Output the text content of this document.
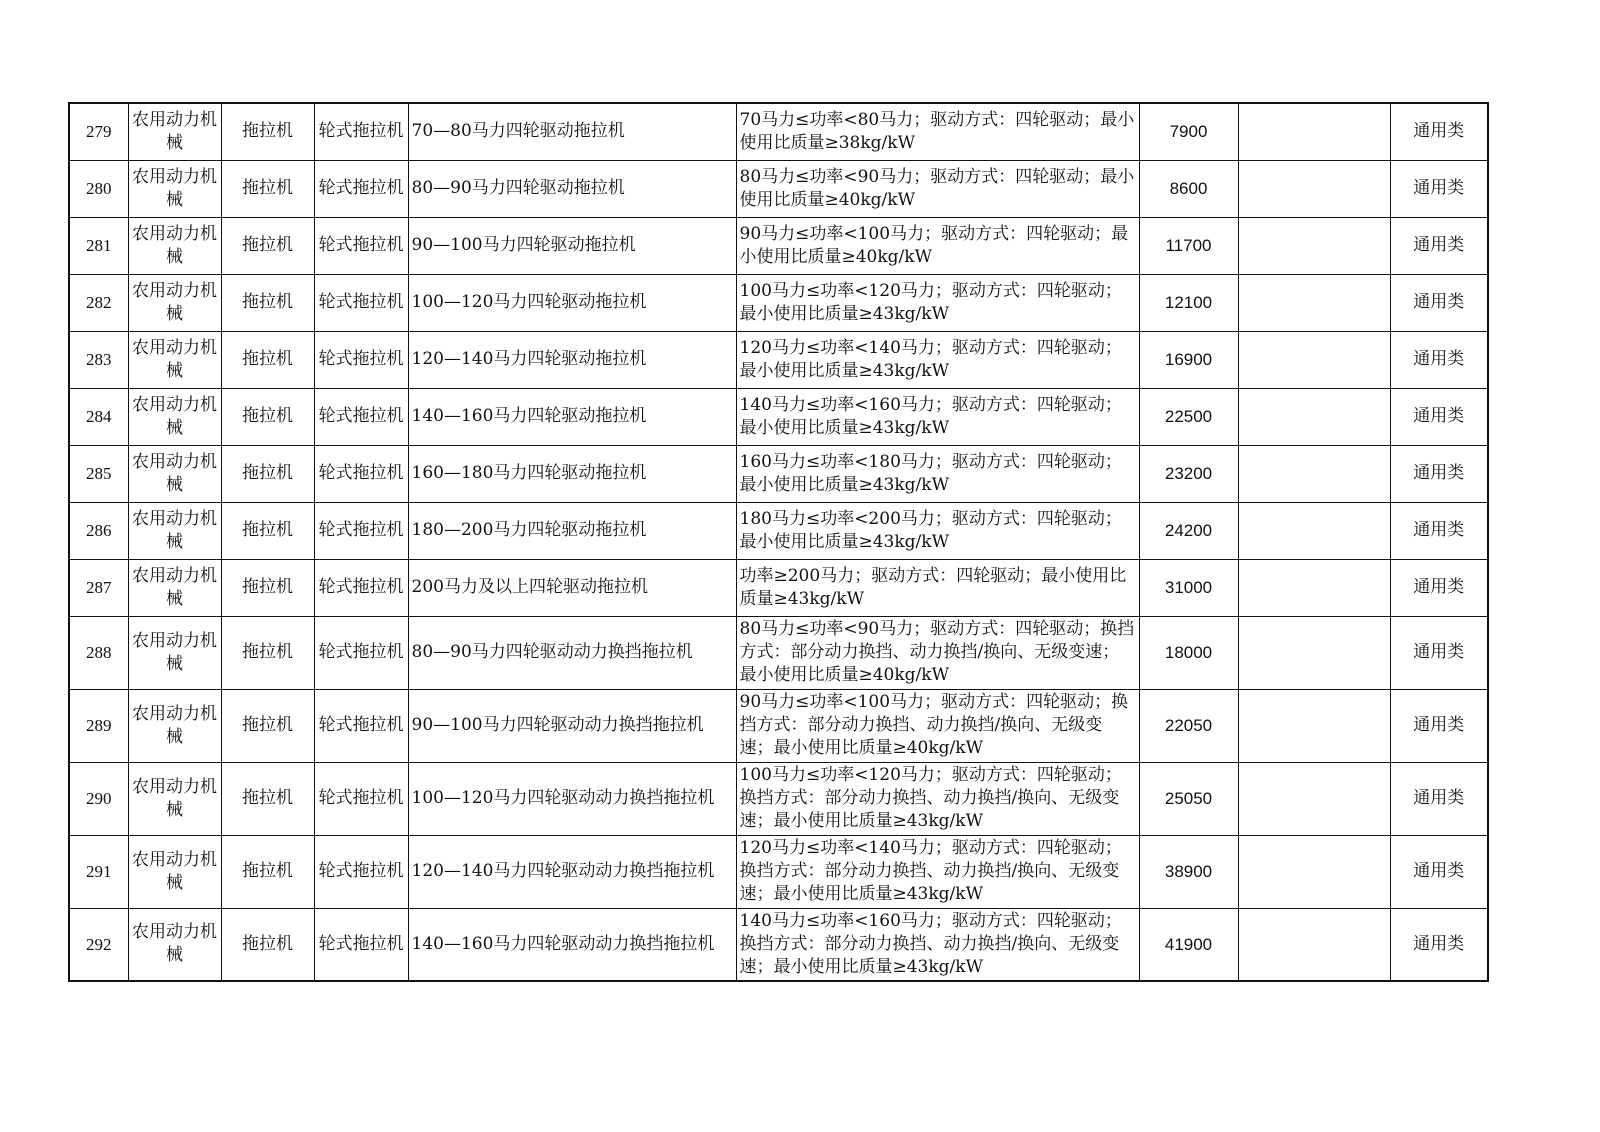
279	农用动力机械	拖拉机	轮式拖拉机	70—80马力四轮驱动拖拉机	70马力≤功率<80马力；驱动方式：四轮驱动；最小使用比质量≥38kg/kW	7900		通用类
280	农用动力机械	拖拉机	轮式拖拉机	80—90马力四轮驱动拖拉机	80马力≤功率<90马力；驱动方式：四轮驱动；最小使用比质量≥40kg/kW	8600		通用类
281	农用动力机械	拖拉机	轮式拖拉机	90—100马力四轮驱动拖拉机	90马力≤功率<100马力；驱动方式：四轮驱动；最小使用比质量≥40kg/kW	11700		通用类
282	农用动力机械	拖拉机	轮式拖拉机	100—120马力四轮驱动拖拉机	100马力≤功率<120马力；驱动方式：四轮驱动；最小使用比质量≥43kg/kW	12100		通用类
283	农用动力机械	拖拉机	轮式拖拉机	120—140马力四轮驱动拖拉机	120马力≤功率<140马力；驱动方式：四轮驱动；最小使用比质量≥43kg/kW	16900		通用类
284	农用动力机械	拖拉机	轮式拖拉机	140—160马力四轮驱动拖拉机	140马力≤功率<160马力；驱动方式：四轮驱动；最小使用比质量≥43kg/kW	22500		通用类
285	农用动力机械	拖拉机	轮式拖拉机	160—180马力四轮驱动拖拉机	160马力≤功率<180马力；驱动方式：四轮驱动；最小使用比质量≥43kg/kW	23200		通用类
286	农用动力机械	拖拉机	轮式拖拉机	180—200马力四轮驱动拖拉机	180马力≤功率<200马力；驱动方式：四轮驱动；最小使用比质量≥43kg/kW	24200		通用类
287	农用动力机械	拖拉机	轮式拖拉机	200马力及以上四轮驱动拖拉机	功率≥200马力；驱动方式：四轮驱动；最小使用比质量≥43kg/kW	31000		通用类
288	农用动力机械	拖拉机	轮式拖拉机	80—90马力四轮驱动动力换挡拖拉机	80马力≤功率<90马力；驱动方式：四轮驱动；换挡方式：部分动力换挡、动力换挡/换向、无级变速；最小使用比质量≥40kg/kW	18000		通用类
289	农用动力机械	拖拉机	轮式拖拉机	90—100马力四轮驱动动力换挡拖拉机	90马力≤功率<100马力；驱动方式：四轮驱动；换挡方式：部分动力换挡、动力换挡/换向、无级变速；最小使用比质量≥40kg/kW	22050		通用类
290	农用动力机械	拖拉机	轮式拖拉机	100—120马力四轮驱动动力换挡拖拉机	100马力≤功率<120马力；驱动方式：四轮驱动；换挡方式：部分动力换挡、动力换挡/换向、无级变速；最小使用比质量≥43kg/kW	25050		通用类
291	农用动力机械	拖拉机	轮式拖拉机	120—140马力四轮驱动动力换挡拖拉机	120马力≤功率<140马力；驱动方式：四轮驱动；换挡方式：部分动力换挡、动力换挡/换向、无级变速；最小使用比质量≥43kg/kW	38900		通用类
292	农用动力机械	拖拉机	轮式拖拉机	140—160马力四轮驱动动力换挡拖拉机	140马力≤功率<160马力；驱动方式：四轮驱动；换挡方式：部分动力换挡、动力换挡/换向、无级变速；最小使用比质量≥43kg/kW	41900		通用类
